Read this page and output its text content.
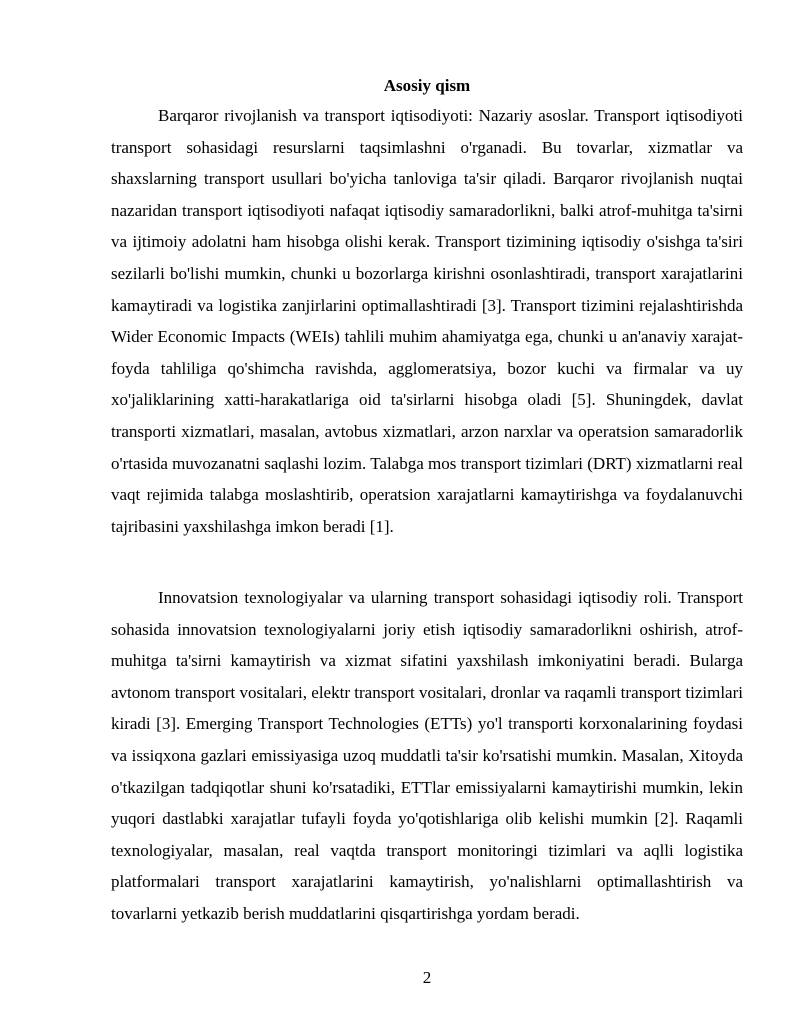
Asosiy qism

Barqaror rivojlanish va transport iqtisodiyoti: Nazariy asoslar. Transport iqtisodiyoti transport sohasidagi resurslarni taqsimlashni o'rganadi. Bu tovarlar, xizmatlar va shaxslarning transport usullari bo'yicha tanloviga ta'sir qiladi. Barqaror rivojlanish nuqtai nazaridan transport iqtisodiyoti nafaqat iqtisodiy samaradorlikni, balki atrof-muhitga ta'sirni va ijtimoiy adolatni ham hisobga olishi kerak. Transport tizimining iqtisodiy o'sishga ta'siri sezilarli bo'lishi mumkin, chunki u bozorlarga kirishni osonlashtiradi, transport xarajatlarini kamaytiradi va logistika zanjirlarini optimallashtiradi [3]. Transport tizimini rejalashtirishda Wider Economic Impacts (WEIs) tahlili muhim ahamiyatga ega, chunki u an'anaviy xarajat-foyda tahliliga qo'shimcha ravishda, agglomeratsiya, bozor kuchi va firmalar va uy xo'jaliklarining xatti-harakatlariga oid ta'sirlarni hisobga oladi [5]. Shuningdek, davlat transporti xizmatlari, masalan, avtobus xizmatlari, arzon narxlar va operatsion samaradorlik o'rtasida muvozanatni saqlashi lozim. Talabga mos transport tizimlari (DRT) xizmatlarni real vaqt rejimida talabga moslashtirib, operatsion xarajatlarni kamaytirishga va foydalanuvchi tajribasini yaxshilashga imkon beradi [1].

Innovatsion texnologiyalar va ularning transport sohasidagi iqtisodiy roli. Transport sohasida innovatsion texnologiyalarni joriy etish iqtisodiy samaradorlikni oshirish, atrof-muhitga ta'sirni kamaytirish va xizmat sifatini yaxshilash imkoniyatini beradi. Bularga avtonom transport vositalari, elektr transport vositalari, dronlar va raqamli transport tizimlari kiradi [3]. Emerging Transport Technologies (ETTs) yo'l transporti korxonalarining foydasi va issiqxona gazlari emissiyasiga uzoq muddatli ta'sir ko'rsatishi mumkin. Masalan, Xitoyda o'tkazilgan tadqiqotlar shuni ko'rsatadiki, ETTlar emissiyalarni kamaytirishi mumkin, lekin yuqori dastlabki xarajatlar tufayli foyda yo'qotishlariga olib kelishi mumkin [2]. Raqamli texnologiyalar, masalan, real vaqtda transport monitoringi tizimlari va aqlli logistika platformalari transport xarajatlarini kamaytirish, yo'nalishlarni optimallashtirish va tovarlarni yetkazib berish muddatlarini qisqartirishga yordam beradi.

2
